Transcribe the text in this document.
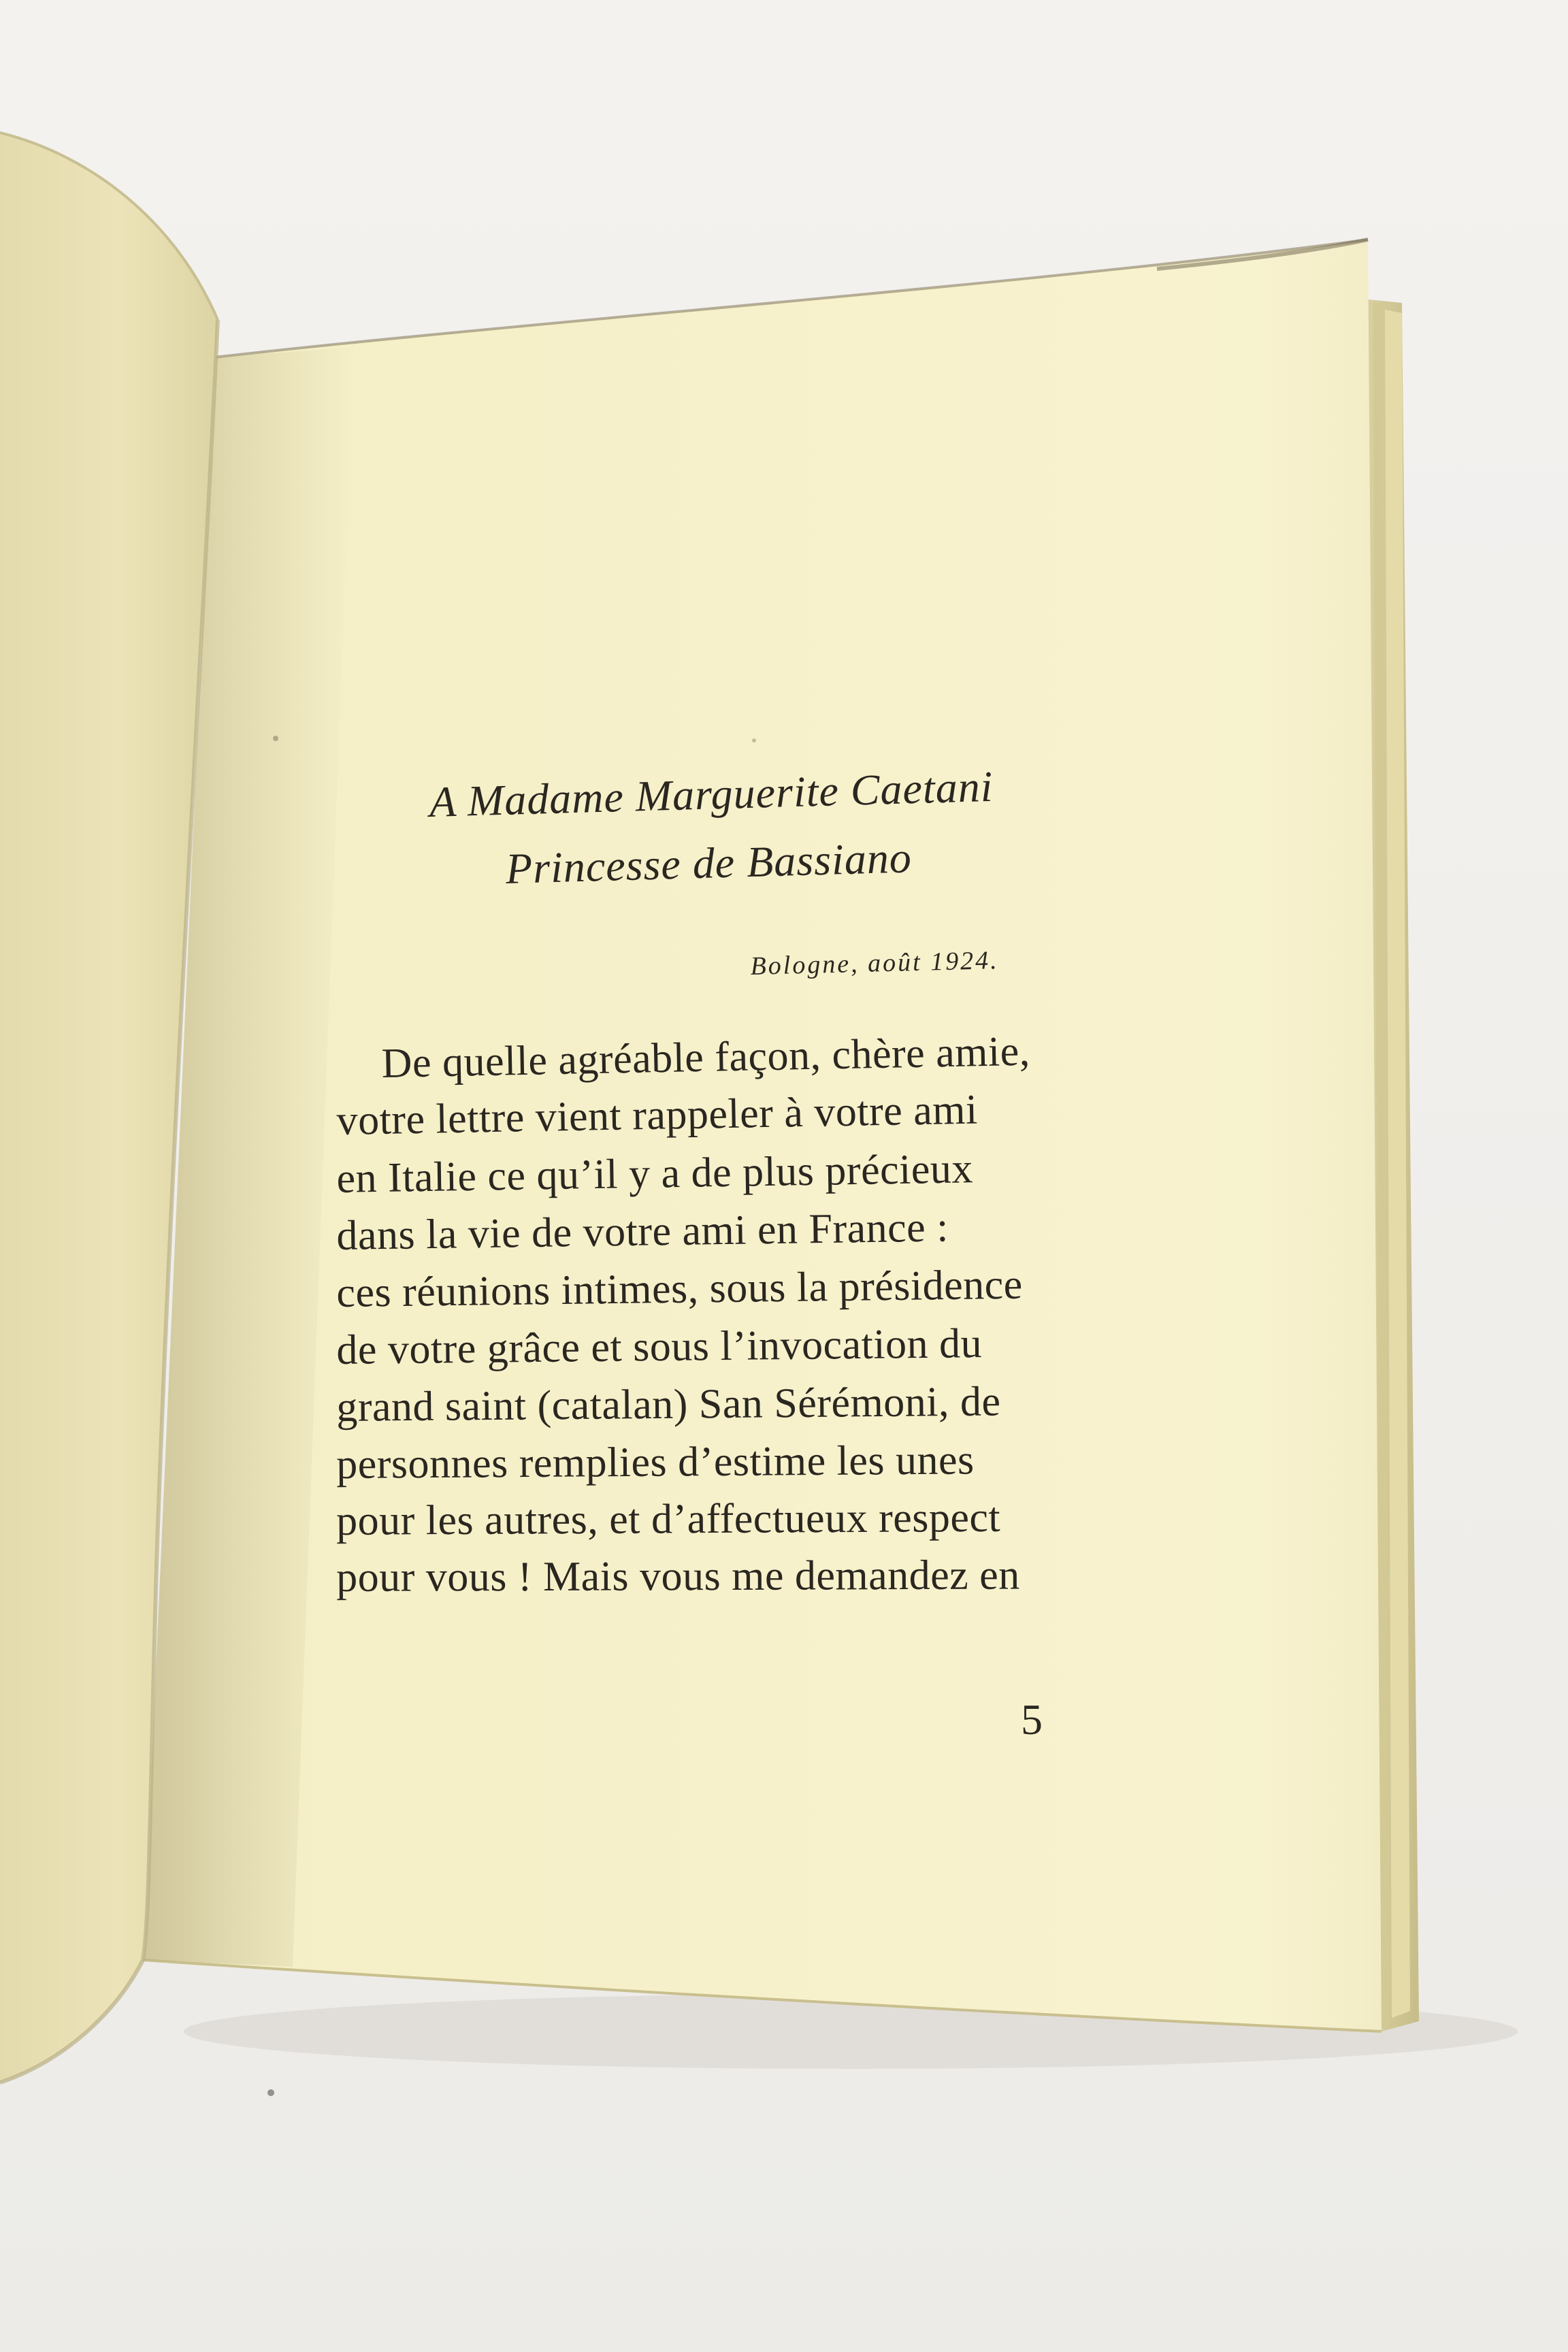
A Madame Marguerite Caetani

Princesse de Bassiano

Bologne, août 1924.

De quelle agréable façon, chère amie,

votre lettre vient rappeler à votre ami

en Italie ce qu’il y a de plus précieux

dans la vie de votre ami en France :

ces réunions intimes, sous la présidence

de votre grâce et sous l’invocation du

grand saint (catalan) San Sérémoni, de

personnes remplies d’estime les unes

pour les autres, et d’affectueux respect

pour vous ! Mais vous me demandez en

5
